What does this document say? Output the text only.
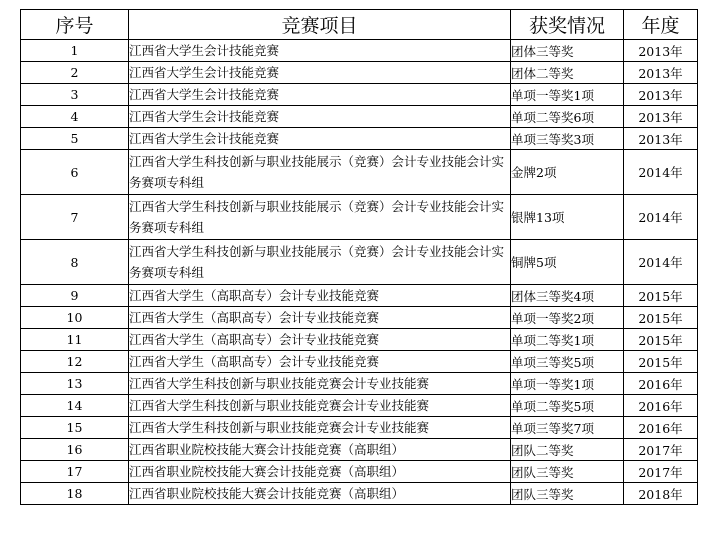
序号	竞赛项目	获奖情况	年度
1	江西省大学生会计技能竞赛	团体三等奖	2013年
2	江西省大学生会计技能竞赛	团体二等奖	2013年
3	江西省大学生会计技能竞赛	单项一等奖1项	2013年
4	江西省大学生会计技能竞赛	单项二等奖6项	2013年
5	江西省大学生会计技能竞赛	单项三等奖3项	2013年
6	江西省大学生科技创新与职业技能展示（竞赛）会计专业技能会计实务赛项专科组	金牌2项	2014年
7	江西省大学生科技创新与职业技能展示（竞赛）会计专业技能会计实务赛项专科组	银牌13项	2014年
8	江西省大学生科技创新与职业技能展示（竞赛）会计专业技能会计实务赛项专科组	铜牌5项	2014年
9	江西省大学生（高职高专）会计专业技能竞赛	团体三等奖4项	2015年
10	江西省大学生（高职高专）会计专业技能竞赛	单项一等奖2项	2015年
11	江西省大学生（高职高专）会计专业技能竞赛	单项二等奖1项	2015年
12	江西省大学生（高职高专）会计专业技能竞赛	单项三等奖5项	2015年
13	江西省大学生科技创新与职业技能竞赛会计专业技能赛	单项一等奖1项	2016年
14	江西省大学生科技创新与职业技能竞赛会计专业技能赛	单项二等奖5项	2016年
15	江西省大学生科技创新与职业技能竞赛会计专业技能赛	单项三等奖7项	2016年
16	江西省职业院校技能大赛会计技能竞赛（高职组）	团队二等奖	2017年
17	江西省职业院校技能大赛会计技能竞赛（高职组）	团队三等奖	2017年
18	江西省职业院校技能大赛会计技能竞赛（高职组）	团队三等奖	2018年
